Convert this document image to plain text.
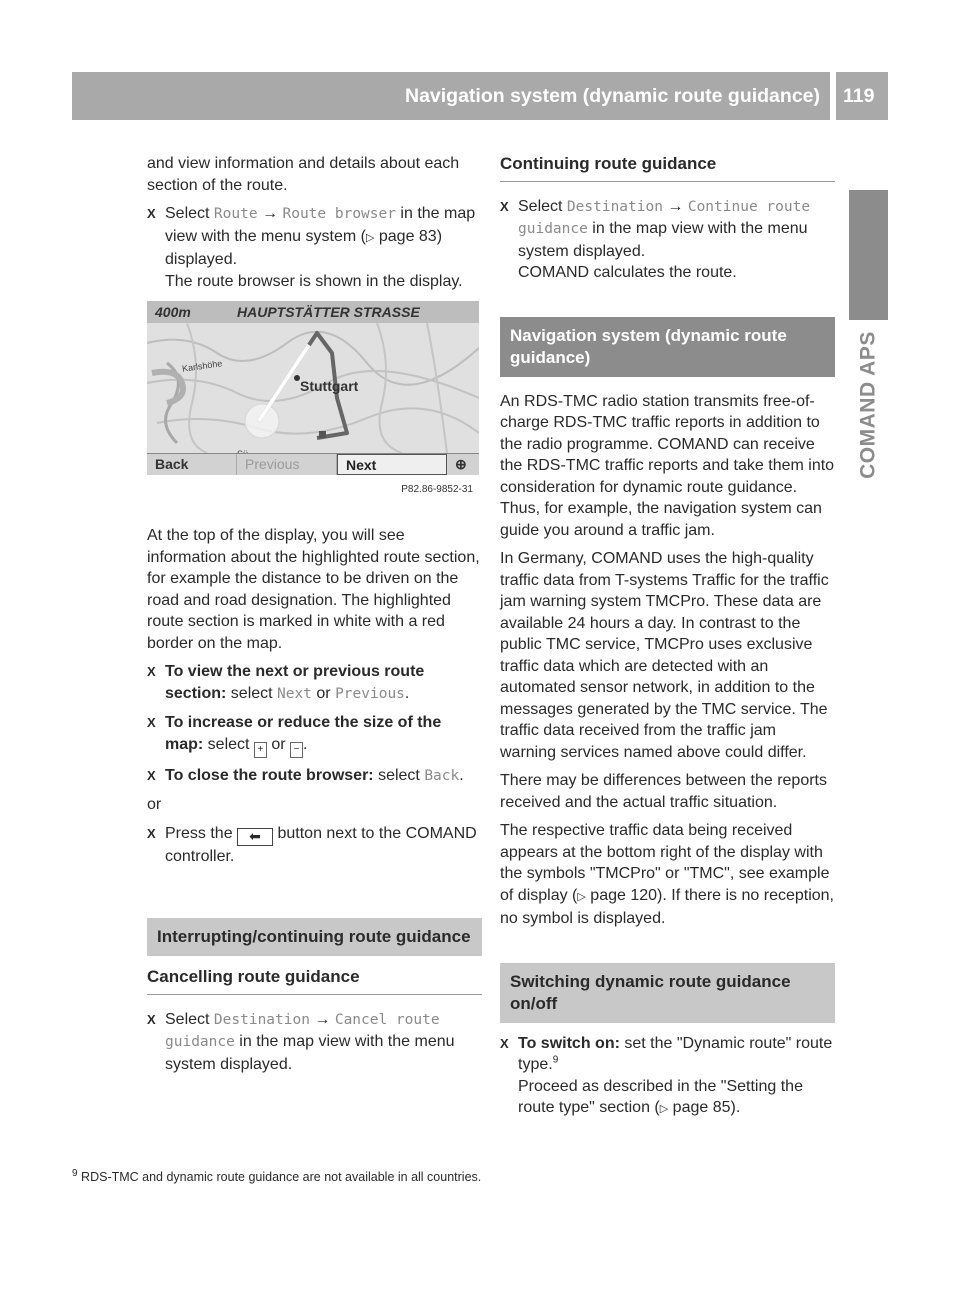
Navigation system (dynamic route guidance) 119
COMAND APS

and view information and details about each section of the route.

X Select Route → Route browser in the map view with the menu system (▷ page 83) displayed.
The route browser is shown in the display.
400m	HAUPTSTÄTTER STRASSE
Karlshöhe
Stuttgart
Back	Previous	Next	⊕
P82.86-9852-31

At the top of the display, you will see information about the highlighted route section, for example the distance to be driven on the road and road designation. The highlighted route section is marked in white with a red border on the map.

X To view the next or previous route section: select Next or Previous.
X To increase or reduce the size of the map: select + or − .
X To close the route browser: select Back.

or

X Press the ⬅ button next to the COMAND controller.
Interrupting/continuing route guidance
Cancelling route guidance
X Select Destination → Cancel route guidance in the map view with the menu system displayed.
Continuing route guidance
X Select Destination → Continue route guidance in the map view with the menu system displayed.
COMAND calculates the route.
Navigation system (dynamic route guidance)

An RDS-TMC radio station transmits free-of-charge RDS-TMC traffic reports in addition to the radio programme. COMAND can receive the RDS-TMC traffic reports and take them into consideration for dynamic route guidance. Thus, for example, the navigation system can guide you around a traffic jam.

In Germany, COMAND uses the high-quality traffic data from T-systems Traffic for the traffic jam warning system TMCPro. These data are available 24 hours a day. In contrast to the public TMC service, TMCPro uses exclusive traffic data which are detected with an automated sensor network, in addition to the messages generated by the TMC service. The traffic data received from the traffic jam warning services named above could differ.

There may be differences between the reports received and the actual traffic situation.

The respective traffic data being received appears at the bottom right of the display with the symbols "TMCPro" or "TMC", see example of display (▷ page 120). If there is no reception, no symbol is displayed.

Switching dynamic route guidance on/off
X To switch on: set the "Dynamic route" route type.$^9$
Proceed as described in the "Setting the route type" section (▷ page 85).
$^9$ RDS-TMC and dynamic route guidance are not available in all countries.
